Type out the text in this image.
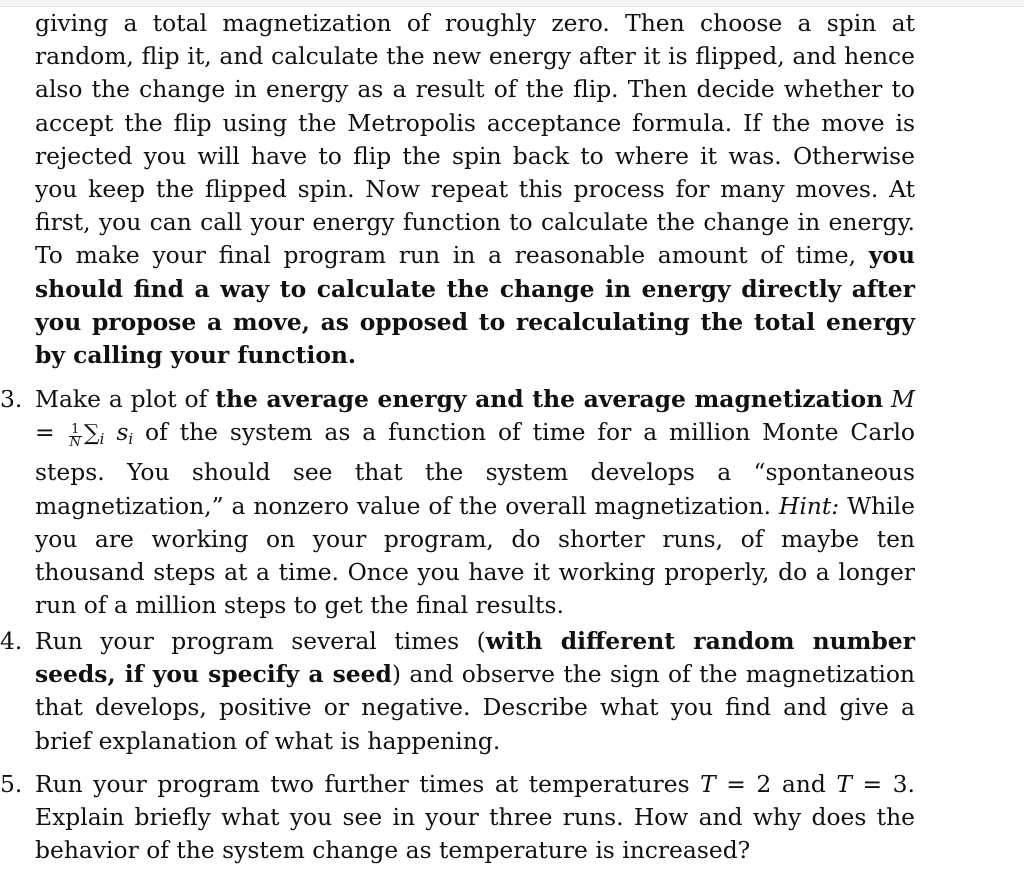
giving a total magnetization of roughly zero. Then choose a spin at random, flip it, and calculate the new energy after it is flipped, and hence also the change in energy as a result of the flip. Then decide whether to accept the flip using the Metropolis acceptance formula. If the move is rejected you will have to flip the spin back to where it was. Otherwise you keep the flipped spin. Now repeat this process for many moves. At first, you can call your energy function to calculate the change in energy. To make your final program run in a reasonable amount of time, you should find a way to calculate the change in energy directly after you propose a move, as opposed to recalculating the total energy by calling your function.
3. Make a plot of the average energy and the average magnetization $M = \frac{1}{N} \sum_i$ $s_i$ of the system as a function of time for a million Monte Carlo steps. You should see that the system develops a “spontaneous magnetization,” a nonzero value of the overall magnetization. Hint: While you are working on your program, do shorter runs, of maybe ten thousand steps at a time. Once you have it working properly, do a longer run of a million steps to get the final results.
4. Run your program several times (with different random number seeds, if you specify a seed) and observe the sign of the magnetization that develops, positive or negative. Describe what you find and give a brief explanation of what is happening.
5. Run your program two further times at temperatures T = 2 and T = 3. Explain briefly what you see in your three runs. How and why does the behavior of the system change as temperature is increased?
